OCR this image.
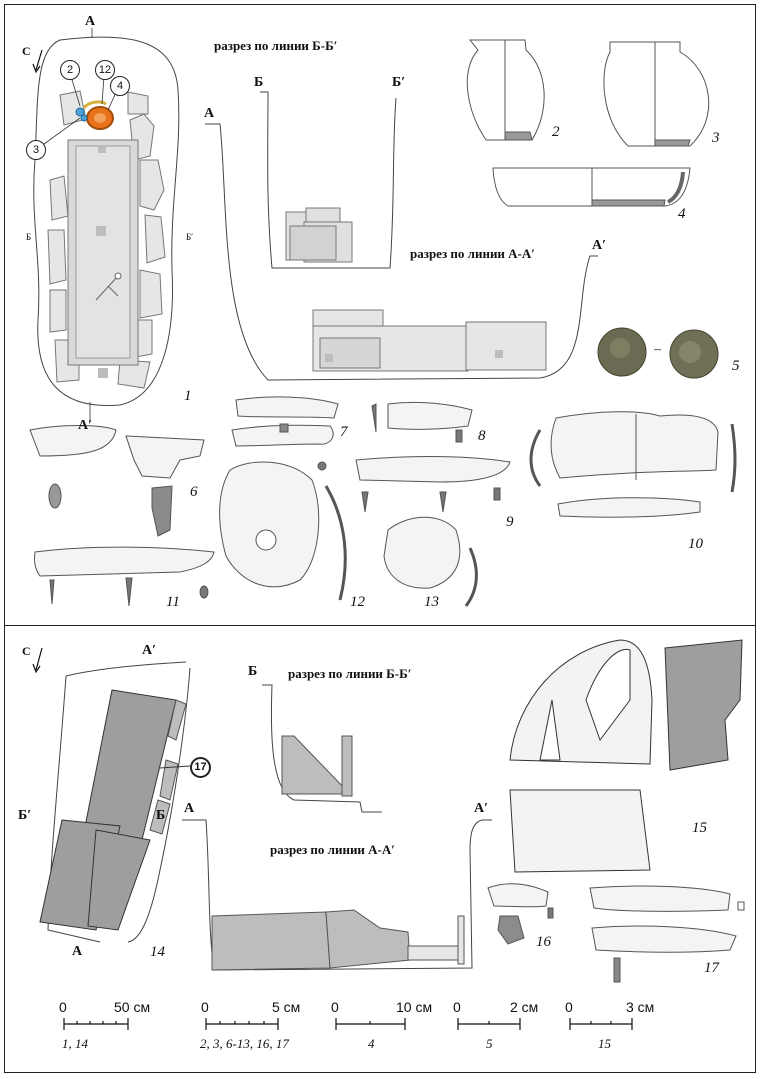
С
А
А′
Б	Б′
2	12
4
3
разрез по линии Б-Б′
Б	Б′
разрез по линии А-А′
А
А′
1
2	3
4
5
–
6
7	8
9
10
11	12	13
С	А′
Б′	Б
А
17
разрез по линии Б-Б′
Б
разрез по линии А-А′
А	А′
14
15
16
17
0	50 см
1, 14
0	5 см
2, 3, 6-13, 16, 17
0	10 см
4
0	2 см
5
0	3 см
15
